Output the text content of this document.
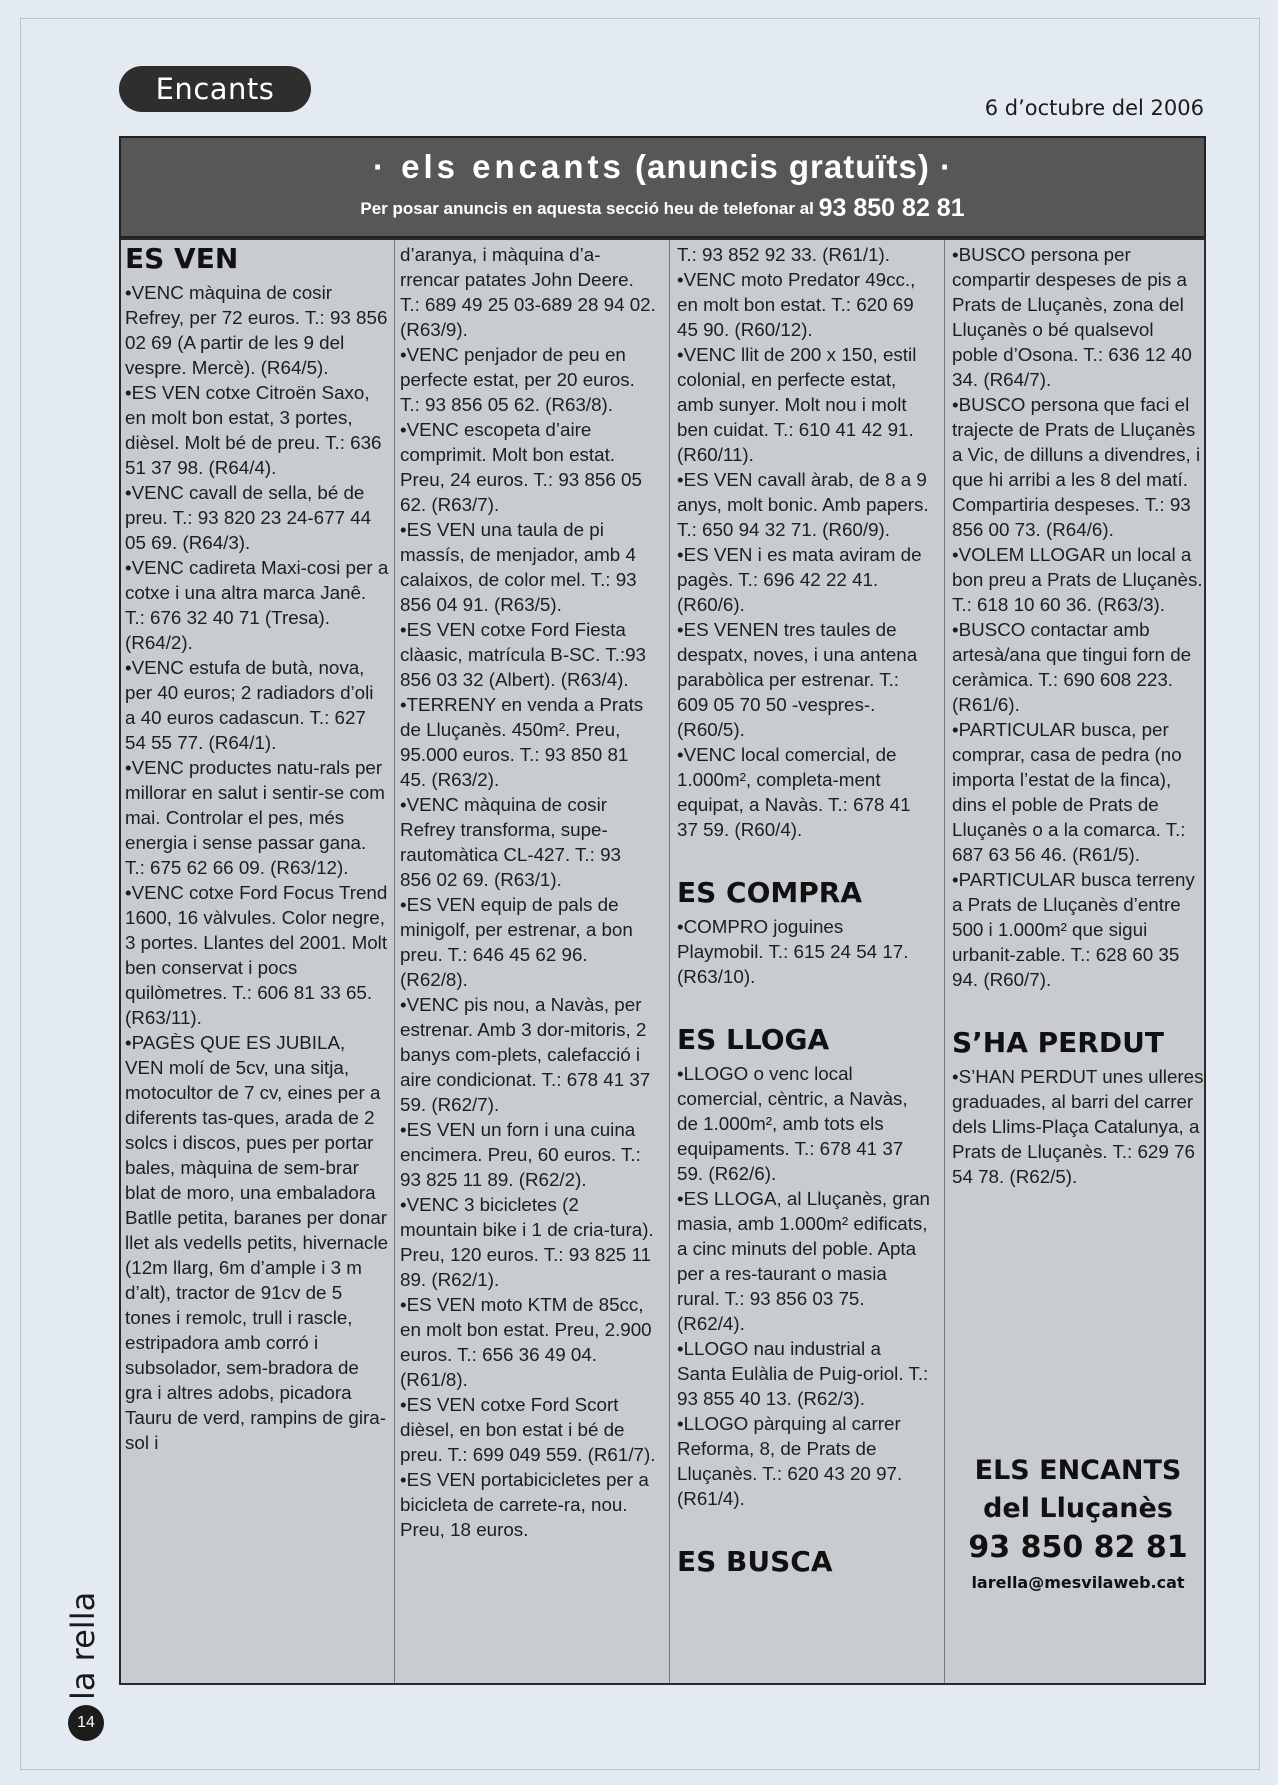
Encants
6 d’octubre del 2006
· els encants (anuncis gratuïts) ·
Per posar anuncis en aquesta secció heu de telefonar al 93 850 82 81
ES VEN

•VENC màquina de cosir Refrey, per 72 euros. T.: 93 856 02 69 (A partir de les 9 del vespre. Mercè). (R64/5).

•ES VEN cotxe Citroën Saxo, en molt bon estat, 3 portes, dièsel. Molt bé de preu. T.: 636 51 37 98. (R64/4).

•VENC cavall de sella, bé de preu. T.: 93 820 23 24-677 44 05 69. (R64/3).

•VENC cadireta Maxi-cosi per a cotxe i una altra marca Janê. T.: 676 32 40 71 (Tresa). (R64/2).

•VENC estufa de butà, nova, per 40 euros; 2 radiadors d’oli a 40 euros cadascun. T.: 627 54 55 77. (R64/1).

•VENC productes natu-rals per millorar en salut i sentir-se com mai. Controlar el pes, més energia i sense passar gana. T.: 675 62 66 09. (R63/12).

•VENC cotxe Ford Focus Trend 1600, 16 vàlvules. Color negre, 3 portes. Llantes del 2001. Molt ben conservat i pocs quilòmetres. T.: 606 81 33 65. (R63/11).

•PAGÈS QUE ES JUBILA, VEN molí de 5cv, una sitja, motocultor de 7 cv, eines per a diferents tas-ques, arada de 2 solcs i discos, pues per portar bales, màquina de sem-brar blat de moro, una embaladora Batlle petita, baranes per donar llet als vedells petits, hivernacle (12m llarg, 6m d’ample i 3 m d’alt), tractor de 91cv de 5 tones i remolc, trull i rascle, estripadora amb corró i subsolador, sem-bradora de gra i altres adobs, picadora Tauru de verd, rampins de gira-sol i

d’aranya, i màquina d’a-rrencar patates John Deere. T.: 689 49 25 03-689 28 94 02. (R63/9).

•VENC penjador de peu en perfecte estat, per 20 euros. T.: 93 856 05 62. (R63/8).

•VENC escopeta d’aire comprimit. Molt bon estat. Preu, 24 euros. T.: 93 856 05 62. (R63/7).

•ES VEN una taula de pi massís, de menjador, amb 4 calaixos, de color mel. T.: 93 856 04 91. (R63/5).

•ES VEN cotxe Ford Fiesta clàasic, matrícula B-SC. T.:93 856 03 32 (Albert). (R63/4).

•TERRENY en venda a Prats de Lluçanès. 450m². Preu, 95.000 euros. T.: 93 850 81 45. (R63/2).

•VENC màquina de cosir Refrey transforma, supe-rautomàtica CL-427. T.: 93 856 02 69. (R63/1).

•ES VEN equip de pals de minigolf, per estrenar, a bon preu. T.: 646 45 62 96. (R62/8).

•VENC pis nou, a Navàs, per estrenar. Amb 3 dor-mitoris, 2 banys com-plets, calefacció i aire condicionat. T.: 678 41 37 59. (R62/7).

•ES VEN un forn i una cuina encimera. Preu, 60 euros. T.: 93 825 11 89. (R62/2).

•VENC 3 bicicletes (2 mountain bike i 1 de cria-tura). Preu, 120 euros. T.: 93 825 11 89. (R62/1).

•ES VEN moto KTM de 85cc, en molt bon estat. Preu, 2.900 euros. T.: 656 36 49 04. (R61/8).

•ES VEN cotxe Ford Scort dièsel, en bon estat i bé de preu. T.: 699 049 559. (R61/7).

•ES VEN portabicicletes per a bicicleta de carrete-ra, nou. Preu, 18 euros.

T.: 93 852 92 33. (R61/1).

•VENC moto Predator 49cc., en molt bon estat. T.: 620 69 45 90. (R60/12).

•VENC llit de 200 x 150, estil colonial, en perfecte estat, amb sunyer. Molt nou i molt ben cuidat. T.: 610 41 42 91. (R60/11).

•ES VEN cavall àrab, de 8 a 9 anys, molt bonic. Amb papers. T.: 650 94 32 71. (R60/9).

•ES VEN i es mata aviram de pagès. T.: 696 42 22 41. (R60/6).

•ES VENEN tres taules de despatx, noves, i una antena parabòlica per estrenar. T.: 609 05 70 50 -vespres-. (R60/5).

•VENC local comercial, de 1.000m², completa-ment equipat, a Navàs. T.: 678 41 37 59. (R60/4).

ES COMPRA

•COMPRO joguines Playmobil. T.: 615 24 54 17. (R63/10).

ES LLOGA

•LLOGO o venc local comercial, cèntric, a Navàs, de 1.000m², amb tots els equipaments. T.: 678 41 37 59. (R62/6).

•ES LLOGA, al Lluçanès, gran masia, amb 1.000m² edificats, a cinc minuts del poble. Apta per a res-taurant o masia rural. T.: 93 856 03 75. (R62/4).

•LLOGO nau industrial a Santa Eulàlia de Puig-oriol. T.: 93 855 40 13. (R62/3).

•LLOGO pàrquing al carrer Reforma, 8, de Prats de Lluçanès. T.: 620 43 20 97. (R61/4).

ES BUSCA

•BUSCO persona per compartir despeses de pis a Prats de Lluçanès, zona del Lluçanès o bé qualsevol poble d’Osona. T.: 636 12 40 34. (R64/7).

•BUSCO persona que faci el trajecte de Prats de Lluçanès a Vic, de dilluns a divendres, i que hi arribi a les 8 del matí. Compartiria despeses. T.: 93 856 00 73. (R64/6).

•VOLEM LLOGAR un local a bon preu a Prats de Lluçanès. T.: 618 10 60 36. (R63/3).

•BUSCO contactar amb artesà/ana que tingui forn de ceràmica. T.: 690 608 223. (R61/6).

•PARTICULAR busca, per comprar, casa de pedra (no importa l’estat de la finca), dins el poble de Prats de Lluçanès o a la comarca. T.: 687 63 56 46. (R61/5).

•PARTICULAR busca terreny a Prats de Lluçanès d’entre 500 i 1.000m² que sigui urbanit-zable. T.: 628 60 35 94. (R60/7).

S’HA PERDUT

•S’HAN PERDUT unes ulleres graduades, al barri del carrer dels Llims-Plaça Catalunya, a Prats de Lluçanès. T.: 629 76 54 78. (R62/5).

ELS ENCANTS
del Lluçanès
93 850 82 81
larella@mesvilaweb.cat
la rella
14
